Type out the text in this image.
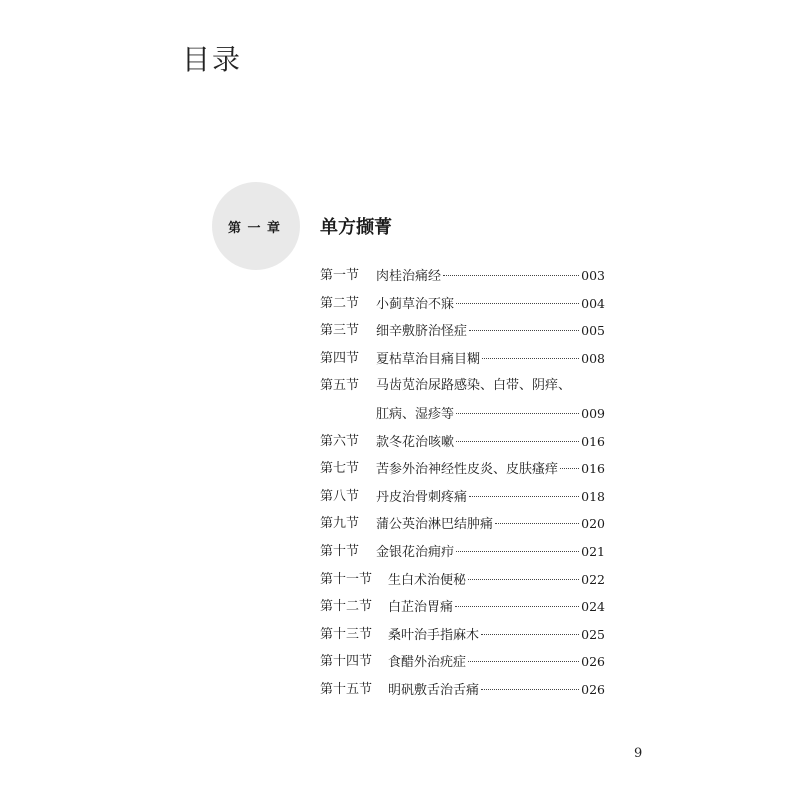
目录
第 一 章 单方撷菁
第一节 肉桂治痛经	003
第二节 小蓟草治不寐	004
第三节 细辛敷脐治怪症	005
第四节 夏枯草治目痛目糊	008
第五节 马齿苋治尿路感染、白带、阴痒、
肛病、湿疹等	009
第六节 款冬花治咳嗽	016
第七节 苦参外治神经性皮炎、皮肤瘙痒 016
第八节 丹皮治骨刺疼痛	018
第九节 蒲公英治淋巴结肿痛	020
第十节 金银花治痈疖	021
第十一节 生白术治便秘	022
第十二节 白芷治胃痛	024
第十三节 桑叶治手指麻木	025
第十四节 食醋外治疣症	026
第十五节 明矾敷舌治舌痛	026
9
